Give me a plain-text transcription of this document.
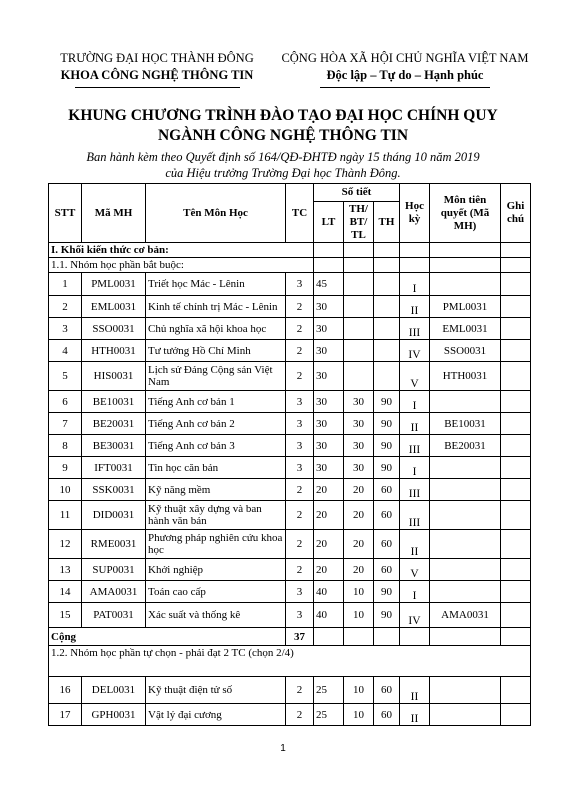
TRƯỜNG ĐẠI HỌC THÀNH ĐÔNG
KHOA CÔNG NGHỆ THÔNG TIN
CỘNG HÒA XÃ HỘI CHỦ NGHĨA VIỆT NAM
Độc lập – Tự do – Hạnh phúc
KHUNG CHƯƠNG TRÌNH ĐÀO TẠO ĐẠI HỌC CHÍNH QUY
NGÀNH CÔNG NGHỆ THÔNG TIN
Ban hành kèm theo Quyết định số 164/QĐ-ĐHTĐ ngày 15 tháng 10 năm 2019
của Hiệu trưởng Trường Đại học Thành Đông.
STT	Mã MH	Tên Môn Học	TC	Số tiết			Học kỳ	Môn tiên quyết (Mã MH)	Ghi chú
				LT	TH/ BT/ TL	TH			
I. Khối kiến thức cơ bản:									
1.1. Nhóm học phần bắt buộc:									
1	PML0031	Triết học Mác - Lênin	3	45			I		
2	EML0031	Kinh tế chính trị Mác - Lênin	2	30			II	PML0031	
3	SSO0031	Chủ nghĩa xã hội khoa học	2	30			III	EML0031	
4	HTH0031	Tư tưởng Hồ Chí Minh	2	30			IV	SSO0031	
5	HIS0031	Lịch sử Đảng Cộng sản Việt Nam	2	30			V	HTH0031	
6	BE10031	Tiếng Anh cơ bản 1	3	30	30	90	I		
7	BE20031	Tiếng Anh cơ bản 2	3	30	30	90	II	BE10031	
8	BE30031	Tiếng Anh cơ bản 3	3	30	30	90	III	BE20031	
9	IFT0031	Tin học căn bản	3	30	30	90	I		
10	SSK0031	Kỹ năng mềm	2	20	20	60	III		
11	DID0031	Kỹ thuật xây dựng và ban hành văn bản	2	20	20	60	III		
12	RME0031	Phương pháp nghiên cứu khoa học	2	20	20	60	II		
13	SUP0031	Khởi nghiệp	2	20	20	60	V		
14	AMA0031	Toán cao cấp	3	40	10	90	I		
15	PAT0031	Xác suất và thống kê	3	40	10	90	IV	AMA0031	
Cộng			37						
1.2. Nhóm học phần tự chọn - phải đạt 2 TC (chọn 2/4)									
16	DEL0031	Kỹ thuật điện tử số	2	25	10	60	II		
17	GPH0031	Vật lý đại cương	2	25	10	60	II		
1
